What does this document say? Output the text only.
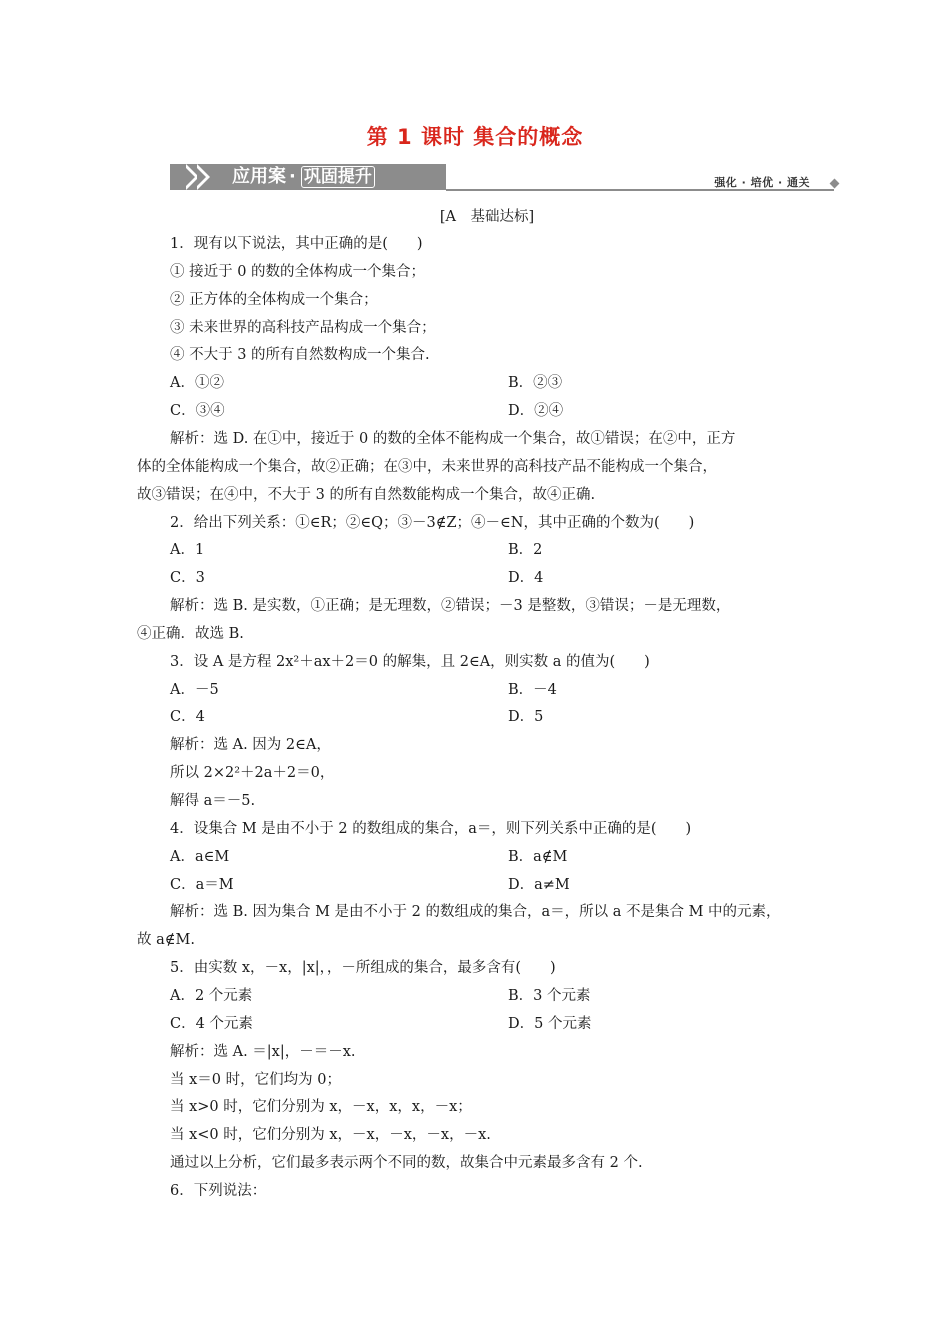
第 1 课时 集合的概念
应用案 · 巩固提升	强化 · 培优 · 通关
[A　基础达标]
1．现有以下说法，其中正确的是(　　)
① 接近于 0 的数的全体构成一个集合；
② 正方体的全体构成一个集合；
③ 未来世界的高科技产品构成一个集合；
④ 不大于 3 的所有自然数构成一个集合.
A．①②	B．②③
C．③④	D．②④
解析：选 D. 在①中，接近于 0 的数的全体不能构成一个集合，故①错误；在②中，正方
体的全体能构成一个集合，故②正确；在③中，未来世界的高科技产品不能构成一个集合，
故③错误；在④中，不大于 3 的所有自然数能构成一个集合，故④正确.
2．给出下列关系：①∈R；②∈Q；③－3∉Z；④－∈N，其中正确的个数为(　　)
A．1	B．2
C．3	D．4
解析：选 B. 是实数，①正确；是无理数，②错误；－3 是整数，③错误；－是无理数，
④正确．故选 B.
3．设 A 是方程 2x²＋ax＋2＝0 的解集，且 2∈A，则实数 a 的值为(　　)
A．－5	B．－4
C．4	D．5
解析：选 A. 因为 2∈A，
所以 2×2²＋2a＋2＝0，
解得 a＝－5.
4．设集合 M 是由不小于 2 的数组成的集合，a＝，则下列关系中正确的是(　　)
A．a∈M	B．a∉M
C．a＝M	D．a≠M
解析：选 B. 因为集合 M 是由不小于 2 的数组成的集合，a＝，所以 a 不是集合 M 中的元素，
故 a∉M.
5．由实数 x，－x，|x|，，－所组成的集合，最多含有(　　)
A．2 个元素	B．3 个元素
C．4 个元素	D．5 个元素
解析：选 A. ＝|x|，－＝－x.
当 x＝0 时，它们均为 0；
当 x>0 时，它们分别为 x，－x，x，x，－x；
当 x<0 时，它们分别为 x，－x，－x，－x，－x.
通过以上分析，它们最多表示两个不同的数，故集合中元素最多含有 2 个.
6．下列说法：
